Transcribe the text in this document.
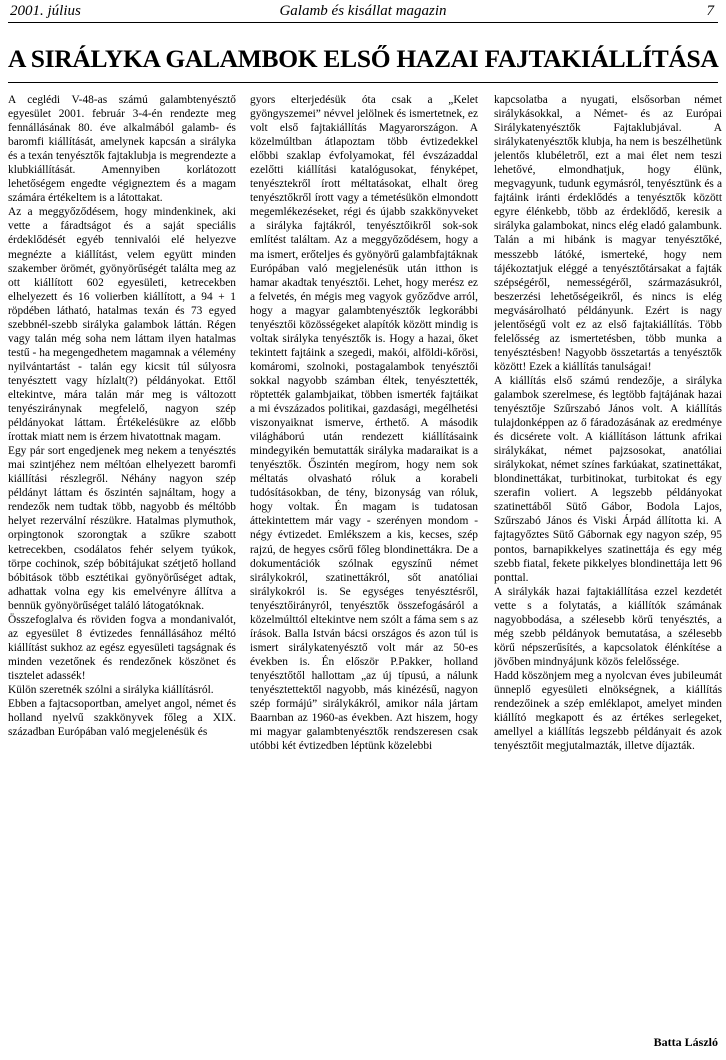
2001. július	Galamb és kisállat magazin	7
A SIRÁLYKA GALAMBOK ELSŐ HAZAI FAJTAKIÁLLÍTÁSA

A ceglédi V-48-as számú galambtenyésztő egyesület 2001. február 3-4-én rendezte meg fennállásának 80. éve alkalmából galamb- és baromfi kiállítását, amelynek kapcsán a sirályka és a texán tenyésztők fajtaklubja is megrendezte a klubkiállítását. Amennyiben korlátozott lehetőségem engedte végigneztem és a magam számára értékeltem is a látottakat.

Az a meggyőződésem, hogy mindenkinek, aki vette a fáradtságot és a saját speciális érdeklődését egyéb tennivalói elé helyezve megnézte a kiállítást, velem együtt minden szakember örömét, gyönyörűségét találta meg az ott kiállított 602 egyesületi, ketrecekben elhelyezett és 16 volierben kiállított, a 94 + 1 röpdében látható, hatalmas texán és 73 egyed szebbnél-szebb sirályka galambok láttán. Régen vagy talán még soha nem láttam ilyen hatalmas testű - ha megengedhetem magamnak a vélemény nyilvántartást - talán egy kicsit túl súlyosra tenyésztett vagy hízlalt(?) példányokat. Ettől eltekintve, mára talán már meg is változott tenyésziránynak megfelelő, nagyon szép példányokat láttam. Értékelésükre az előbb írottak miatt nem is érzem hivatottnak magam.

Egy pár sort engedjenek meg nekem a tenyésztés mai szintjéhez nem méltóan elhelyezett baromfi kiállítási részlegről. Néhány nagyon szép példányt láttam és őszintén sajnáltam, hogy a rendezők nem tudtak több, nagyobb és méltóbb helyet rezervální részükre. Hatalmas plymuthok, orpingtonok szorongtak a szűkre szabott ketrecekben, csodálatos fehér selyem tyúkok, törpe cochinok, szép bóbitájukat szétjető holland bóbitások több esztétikai gyönyörűséget adtak, adhattak volna egy kis emelvényre állítva a bennük gyönyörűséget találó látogatóknak.

Összefoglalva és röviden fogva a mondanivalót, az egyesület 8 évtizedes fennállásához méltó kiállítást sukhoz az egész egyesületi tagságnak és minden vezetőnek és rendezőnek köszönet és tisztelet adassék!

Külön szeretnék szólni a sirályka kiállításról.

Ebben a fajtacsoportban, amelyet angol, német és holland nyelvű szakkönyvek főleg a XIX. században Európában való megjelenésük és

gyors elterjedésük óta csak a „Kelet gyöngyszemei” névvel jelölnek és ismertetnek, ez volt első fajtakiállítás Magyarországon. A közelmúltban átlapoztam több évtizedekkel előbbi szaklap évfolyamokat, fél évszázaddal ezelőtti kiállítási katalógusokat, fényképet, tenyésztekről írott méltatásokat, elhalt öreg tenyésztőkről írott vagy a témetésükön elmondott megemlékezéseket, régi és újabb szakkönyveket a sirályka fajtákról, tenyésztőikről sok-sok említést találtam. Az a meggyőződésem, hogy a ma ismert, erőteljes és gyönyörű galambfajtáknak Európában való megjelenésük után itthon is hamar akadtak tenyésztői. Lehet, hogy merész ez a felvetés, én mégis meg vagyok győződve arról, hogy a magyar galambtenyésztők legkorábbi tenyésztői közösségeket alapítók között mindig is voltak sirályka tenyésztők is. Hogy a hazai, őket tekintett fajtáink a szegedi, makói, alföldi-kőrösi, komáromi, szolnoki, postagalambok tenyésztői sokkal nagyobb számban éltek, tenyésztették, röptették galambjaikat, többen ismerték fajtáikat a mi évszázados politikai, gazdasági, megélhetési viszonyaiknat ismerve, érthető. A második világháború után rendezett kiállításaink mindegyikén bemutatták sirályka madaraikat is a tenyésztők. Őszintén megírom, hogy nem sok méltatás olvasható róluk a korabeli tudósításokban, de tény, bizonyság van róluk, hogy voltak. Én magam is tudatosan áttekintettem már vagy - szerényen mondom - négy évtizedet. Emlékszem a kis, kecses, szép rajzú, de hegyes csőrű főleg blondinettákra. De a dokumentációk szólnak egyszínű német sirálykokról, szatinettákról, sőt anatóliai sirálykokról is. Se egységes tenyésztésről, tenyésztőirányról, tenyésztők összefogásáról a közelmúlttól eltekintve nem szólt a fáma sem s az írások. Balla István bácsi országos és azon túl is ismert sirálykatenyésztő volt már az 50-es években is. Én először P.Pakker, holland tenyésztőtől hallottam „az új típusú, a nálunk tenyésztettektől nagyobb, más kinézésű, nagyon szép formájú” sirálykákról, amikor nála jártam Baarnban az 1960-as években. Azt hiszem, hogy mi magyar galambtenyésztők rendszeresen csak utóbbi két évtizedben léptünk közelebbi

kapcsolatba a nyugati, elsősorban német sirálykásokkal, a Német- és az Európai Sirálykatenyésztők Fajtaklubjával. A sirálykatenyésztők klubja, ha nem is beszélhetünk jelentős klubéletről, ezt a mai élet nem teszi lehetővé, elmondhatjuk, hogy élünk, megvagyunk, tudunk egymásról, tenyésztünk és a fajtáink iránti érdeklődés a tenyésztők között egyre élénkebb, több az érdeklődő, keresik a sirályka galambokat, nincs elég eladó galambunk. Talán a mi hibánk is magyar tenyésztőké, messzebb látóké, ismerteké, hogy nem tájékoztatjuk eléggé a tenyésztőtársakat a fajták szépségéről, nemességéről, származásukról, beszerzési lehetőségeikről, és nincs is elég megvásárolható példányunk. Ezért is nagy jelentőségű volt ez az első fajtakiállítás. Több felelősség az ismertetésben, több munka a tenyésztésben! Nagyobb összetartás a tenyésztők között! Ezek a kiállítás tanulságai!

A kiállítás első számú rendezője, a sirályka galambok szerelmese, és legtöbb fajtájának hazai tenyésztője Szűrszabó János volt. A kiállítás tulajdonképpen az ő fáradozásának az eredménye és dicsérete volt. A kiállításon láttunk afrikai sirálykákat, német pajzsosokat, anatóliai sirálykokat, német színes farkúakat, szatinettákat, blondinettákat, turbitinokat, turbitokat és egy szerafin voliert. A legszebb példányokat szatinettáből Sütő Gábor, Bodola Lajos, Szűrszabó János és Viski Árpád állította ki. A fajtagyőztes Sütő Gábornak egy nagyon szép, 95 pontos, barnapikkelyes szatinettája és egy még szebb fiatal, fekete pikkelyes blondinettája lett 96 ponttal.

A sirálykák hazai fajtakiállítása ezzel kezdetét vette s a folytatás, a kiállítók számának nagyobbodása, a szélesebb körű tenyésztés, a még szebb példányok bemutatása, a szélesebb körű népszerűsítés, a kapcsolatok élénkítése a jövőben mindnyájunk közös felelőssége.

Hadd köszönjem meg a nyolcvan éves jubileumát ünneplő egyesületi elnökségnek, a kiállítás rendezőinek a szép emléklapot, amelyet minden kiállító megkapott és az értékes serlegeket, amellyel a kiállítás legszebb példányait és azok tenyésztőit megjutalmazták, illetve díjazták.

Batta László
